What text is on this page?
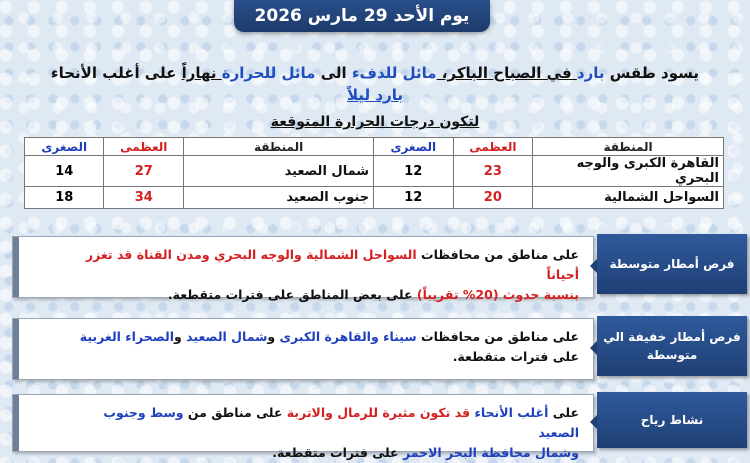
يوم الأحد 29 مارس 2026
يسود طقس بارد في الصباح الباكر، مائل للدفء الى مائل للحرارة نهاراً على أغلب الأنحاء
بارد ليلاً
لتكون درجات الحرارة المتوقعة
المنطقة	العظمى	الصغرى	المنطقة	العظمى	الصغرى
القاهرة الكبرى والوجه البحري	23	12	شمال الصعيد	27	14
السواحل الشمالية	20	12	جنوب الصعيد	34	18
على مناطق من محافظات السواحل الشمالية والوجه البحري ومدن القناة قد تغزر أحياناً
بنسبة حدوث (20% تقريباً) على بعض المناطق على فترات متقطعة.
فرص أمطار متوسطة
على مناطق من محافظات سيناء والقاهرة الكبرى وشمال الصعيد والصحراء الغربية
على فترات متقطعة.
فرص أمطار خفيفة الي متوسطة
على أغلب الأنحاء قد تكون مثيرة للرمال والاتربة على مناطق من وسط وجنوب الصعيد
وشمال محافظة البحر الاحمر على فترات متقطعة.
نشاط رياح
